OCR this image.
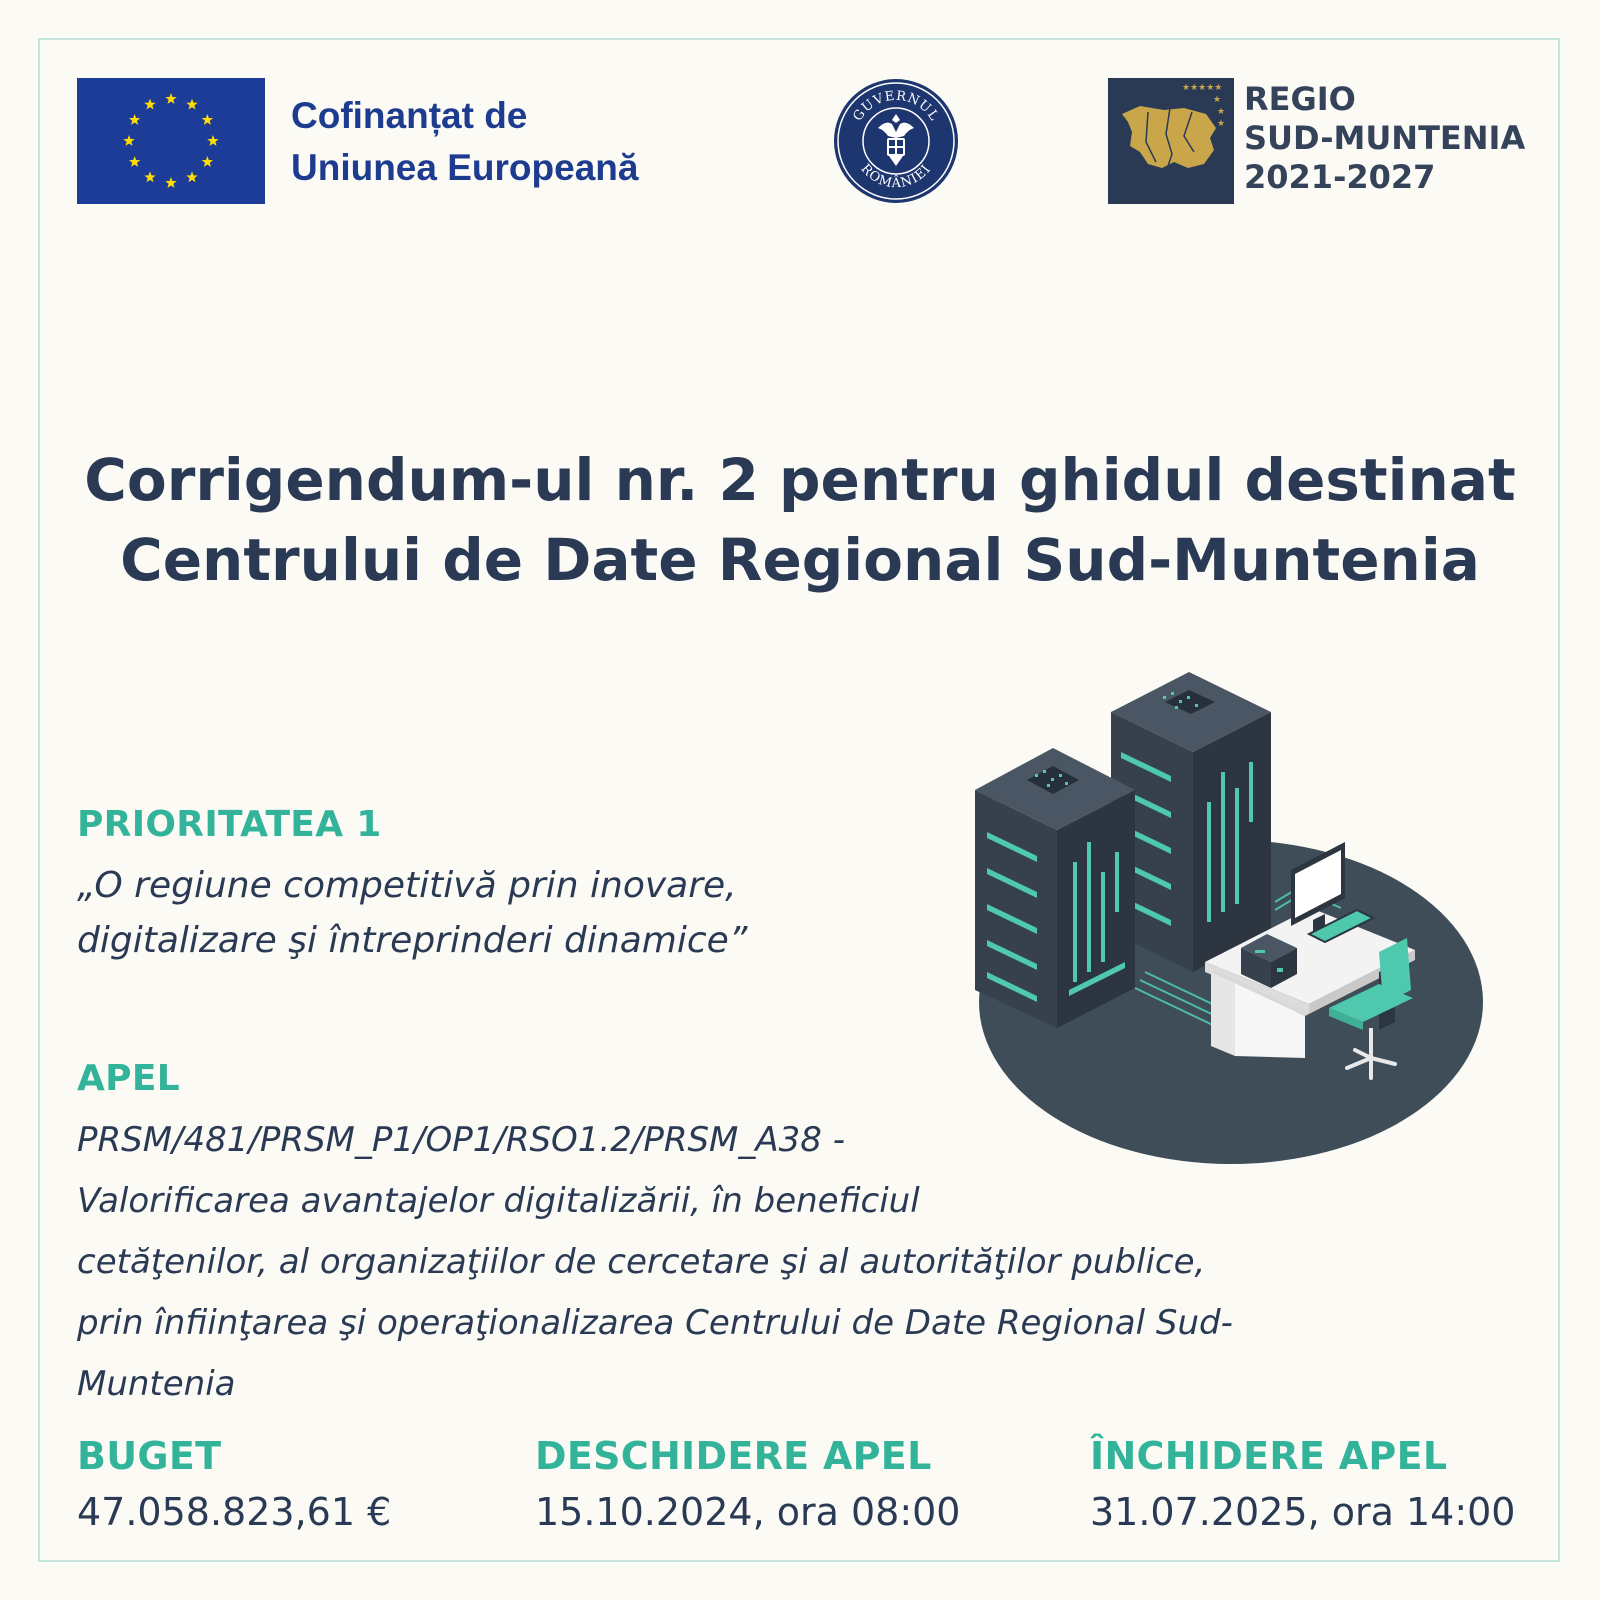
Cofinanțat de
Uniunea Europeană
GUVERNUL
ROMÂNIEI
★★★★★
★
★
★
REGIO
SUD-MUNTENIA
2021-2027
Corrigendum-ul nr. 2 pentru ghidul destinat
Centrului de Date Regional Sud-Muntenia
PRIORITATEA 1
„O regiune competitivă prin inovare,
digitalizare şi întreprinderi dinamice”
APEL
PRSM/481/PRSM_P1/OP1/RSO1.2/PRSM_A38 -
Valorificarea avantajelor digitalizării, în beneficiul
cetăţenilor, al organizaţiilor de cercetare şi al autorităţilor publice,
prin înfiinţarea şi operaţionalizarea Centrului de Date Regional Sud-
Muntenia
BUGET
47.058.823,61 €
DESCHIDERE APEL
15.10.2024, ora 08:00
ÎNCHIDERE APEL
31.07.2025, ora 14:00
